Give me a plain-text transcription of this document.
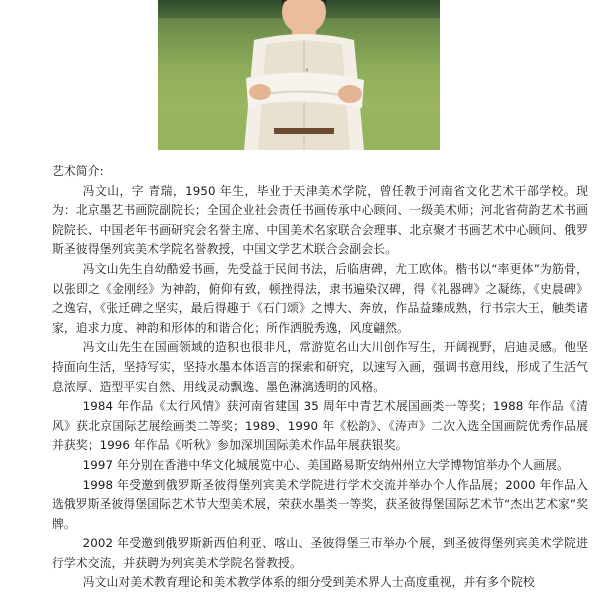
艺术简介:

冯文山，字 青瑞，1950 年生，毕业于天津美术学院，曾任教于河南省文化艺术干部学校。现为：北京墨艺书画院副院长；全国企业社会责任书画传承中心顾问、一级美术师；河北省荷韵艺术书画院院长、中国老年书画研究会名誉主席、中国美术名家联合会理事、北京聚才书画艺术中心顾问、俄罗斯圣彼得堡列宾美术学院名誉教授，中国文学艺术联合会副会长。

冯文山先生自幼酷爱书画，先受益于民间书法，后临唐碑，尤工欧体。楷书以“率更体”为筋骨，以张即之《金刚经》为神韵，俯仰有致，顿挫得法，隶书遍染汉碑，得《礼器碑》之凝练，《史晨碑》之逸宕，《张迁碑之坚实，最后得趣于《石门颂》之博大、奔放，作品益臻成熟，行书宗大王，触类诸家，追求力度、神韵和形体的和谐合化；所作洒脱秀逸，风度翩然。

冯文山先生在国画领域的造积也很非凡，常游览名山大川创作写生，开阔视野，启迪灵感。他坚持面向生活，坚持写实，坚持水墨本体语言的探索和研究，以速写入画，强调书意用线，形成了生活气息浓厚、造型平实自然、用线灵动飘逸、墨色淋漓透明的风格。

1984 年作品《太行风情》获河南省建国 35 周年中青艺术展国画类一等奖；1988 年作品《清风》获北京国际艺展绘画类二等奖；1989、1990 年《松韵》、《涛声》二次入选全国画院优秀作品展并获奖；1996 年作品《听秋》参加深圳国际美术作品年展获银奖。

1997 年分别在香港中华文化城展览中心、美国路易斯安纳州州立大学博物馆举办个人画展。

1998 年受邀到俄罗斯圣彼得堡列宾美术学院进行学术交流并举办个人作品展；2000 年作品入选俄罗斯圣彼得堡国际艺术节大型美术展，荣获水墨类一等奖，获圣彼得堡国际艺术节“杰出艺术家”奖牌。

2002 年受邀到俄罗斯新西伯利亚、喀山、圣彼得堡三市举办个展，到圣彼得堡列宾美术学院进行学术交流，并获聘为列宾美术学院名誉教授。

冯文山对美术教育理论和美术教学体系的细分受到美术界人士高度重视，并有多个院校
